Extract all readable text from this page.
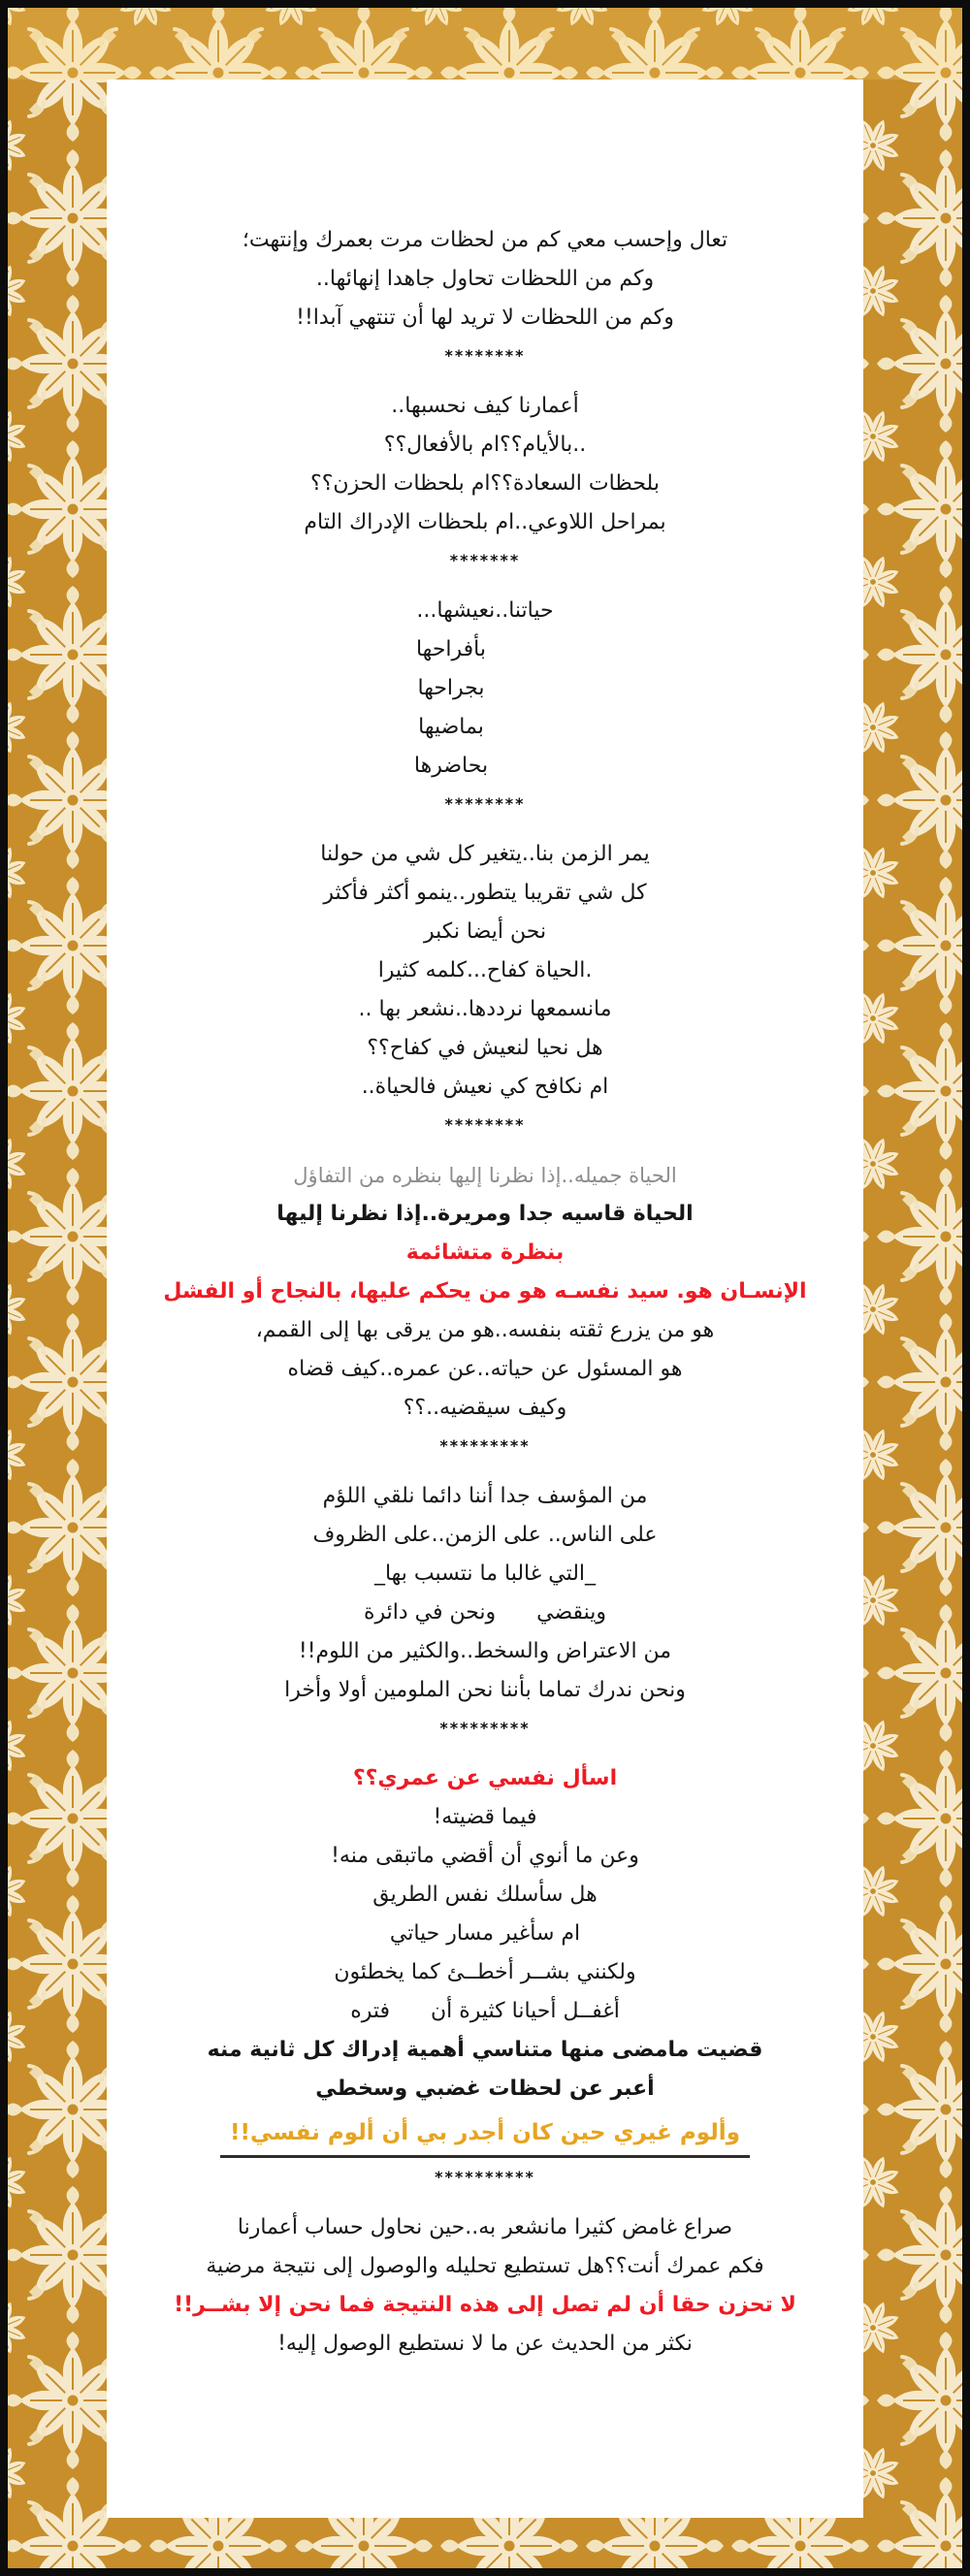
تعال وإحسب معي كم من لحظات مرت بعمرك وإنتهت؛
وكم من اللحظات تحاول جاهدا إنهائها..
وكم من اللحظات لا تريد لها أن تنتهي آبدا!!
********
أعمارنا كيف نحسبها..
..بالأيام؟؟ام بالأفعال؟؟
بلحظات السعادة؟؟ام بلحظات الحزن؟؟
بمراحل اللاوعي..ام بلحظات الإدراك التام
*******
حياتنا..نعيشها...
بأفراحها
بجراحها
بماضيها
بحاضرها
********
يمر الزمن بنا..يتغير كل شي من حولنا
كل شي تقريبا يتطور..ينمو أكثر فأكثر
نحن أيضا نكبر
.الحياة كفاح...كلمه كثيرا
مانسمعها نرددها..نشعر بها ..
هل نحيا لنعيش في كفاح؟؟
ام نكافح كي نعيش فالحياة..
********
الحياة جميله..إذا نظرنا إليها بنظره من التفاؤل
الحياة قاسيه جدا ومريرة..إذا نظرنا إليها
بنظرة متشائمة
الإنسـان هو. سيد نفسـه هو من يحكم عليها، بالنجاح أو الفشل
هو من يزرع ثقته بنفسه..هو من يرقى بها إلى القمم،
هو المسئول عن حياته..عن عمره..كيف قضاه
وكيف سيقضيه..؟؟
*********
من المؤسف جدا أننا دائما نلقي اللؤم
على الناس.. على الزمن..على الظروف
_التي غالبا ما نتسبب بها_
وينقضي      ونحن في دائرة
من الاعتراض والسخط..والكثير من اللوم!!
ونحن ندرك تماما بأننا نحن الملومين أولا وأخرا
*********
اسأل نفسي عن عمري؟؟
فيما قضيته!
وعن ما أنوي أن أقضي ماتبقى منه!
هل سأسلك نفس الطريق
ام سأغير مسار حياتي
ولكنني بشــر أخطــئ كما يخطئون
أغفــل أحيانا كثيرة أن      فتره
قضيت مامضى منها متناسي أهمية إدراك كل ثانية منه
أعبر عن لحظات غضبي وسخطي
وألوم غيري حين كان أجدر بي أن ألوم نفسي!!
**********
صراع غامض كثيرا مانشعر به..حين نحاول حساب أعمارنا
فكم عمرك أنت؟؟هل تستطيع تحليله والوصول إلى نتيجة مرضية
لا تحزن حقا أن لم تصل إلى هذه النتيجة فما نحن إلا بشــر!!
نكثر من الحديث عن ما لا نستطيع الوصول إليه!
